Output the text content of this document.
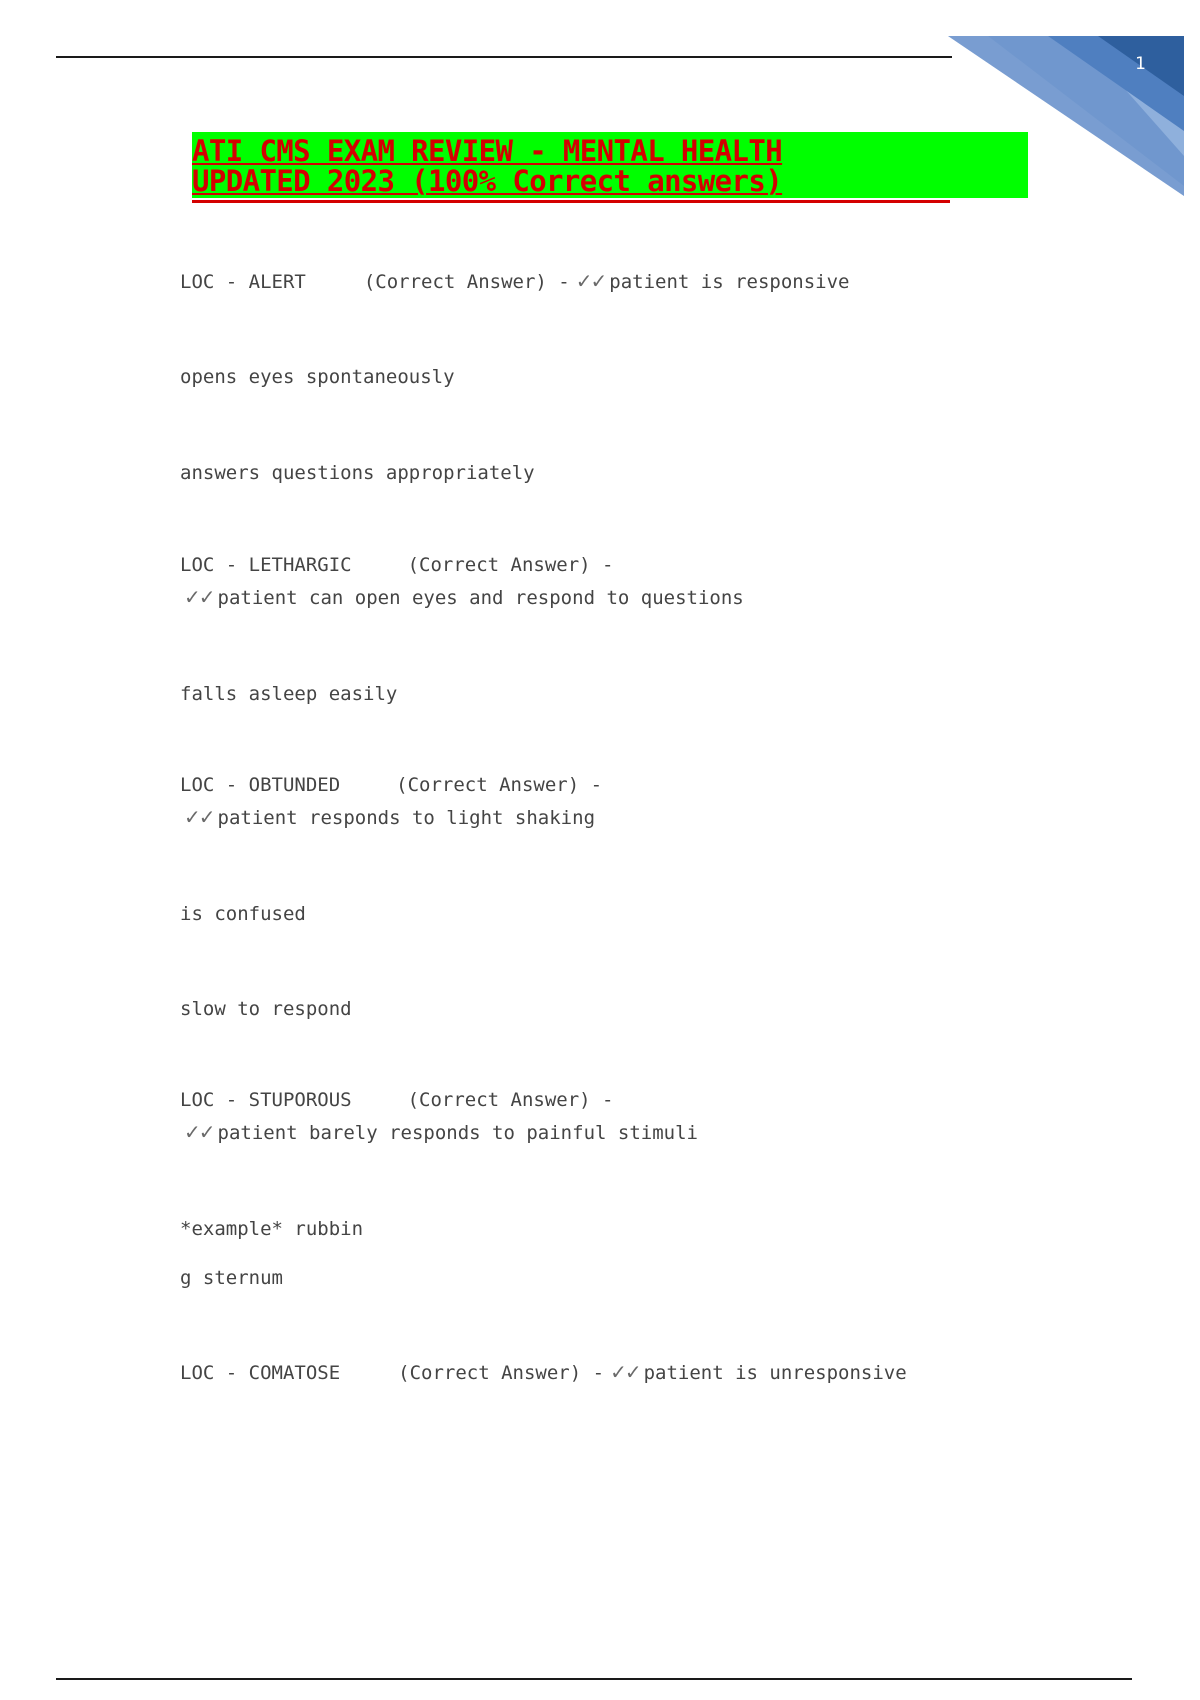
1
ATI CMS EXAM REVIEW - MENTAL HEALTH
UPDATED 2023 (100% Correct answers)
LOC - ALERT	(Correct Answer) - ✓✓ patient is responsive
opens eyes spontaneously
answers questions appropriately
LOC - LETHARGIC	(Correct Answer) -
✓✓ patient can open eyes and respond to questions
falls asleep easily
LOC - OBTUNDED	(Correct Answer) -
✓✓ patient responds to light shaking
is confused
slow to respond
LOC - STUPOROUS	(Correct Answer) -
✓✓ patient barely responds to painful stimuli
*example* rubbin
g sternum
LOC - COMATOSE	(Correct Answer) - ✓✓ patient is unresponsive
